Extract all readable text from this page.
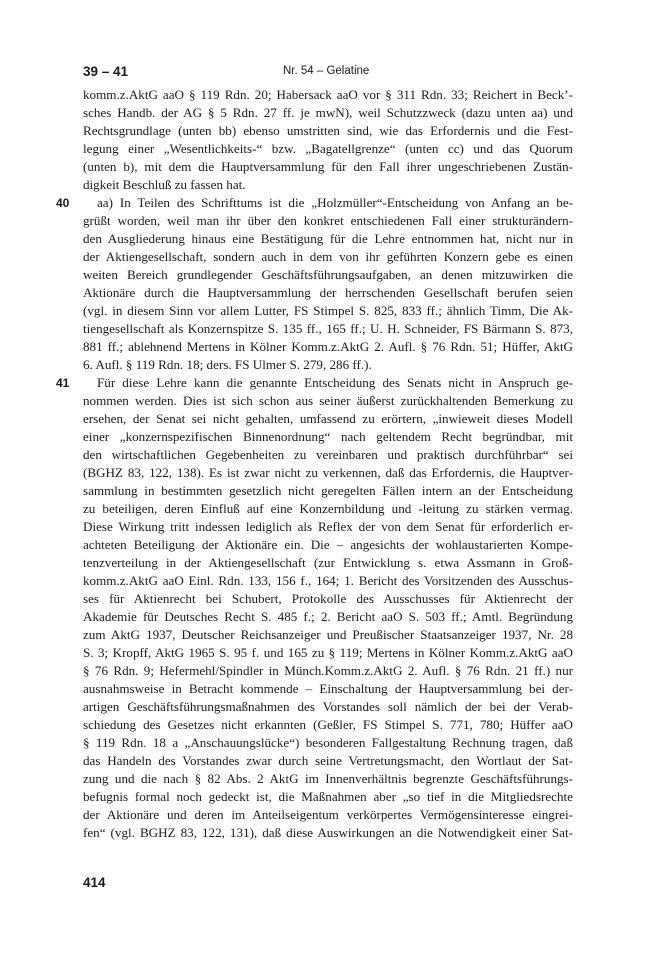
39 – 41	Nr. 54 – Gelatine
komm.z.AktG aaO § 119 Rdn. 20; Habersack aaO vor § 311 Rdn. 33; Reichert in Beck’-
sches Handb. der AG § 5 Rdn. 27 ff. je mwN), weil Schutzzweck (dazu unten aa) und
Rechtsgrundlage (unten bb) ebenso umstritten sind, wie das Erfordernis und die Fest-
legung einer „Wesentlichkeits-“ bzw. „Bagatellgrenze“ (unten cc) und das Quorum
(unten b), mit dem die Hauptversammlung für den Fall ihrer ungeschriebenen Zustän-
digkeit Beschluß zu fassen hat.
40	aa) In Teilen des Schrifttums ist die „Holzmüller“-Entscheidung von Anfang an be-
grüßt worden, weil man ihr über den konkret entschiedenen Fall einer strukturändern-
den Ausgliederung hinaus eine Bestätigung für die Lehre entnommen hat, nicht nur in
der Aktiengesellschaft, sondern auch in dem von ihr geführten Konzern gebe es einen
weiten Bereich grundlegender Geschäftsführungsaufgaben, an denen mitzuwirken die
Aktionäre durch die Hauptversammlung der herrschenden Gesellschaft berufen seien
(vgl. in diesem Sinn vor allem Lutter, FS Stimpel S. 825, 833 ff.; ähnlich Timm, Die Ak-
tiengesellschaft als Konzernspitze S. 135 ff., 165 ff.; U. H. Schneider, FS Bärmann S. 873,
881 ff.; ablehnend Mertens in Kölner Komm.z.AktG 2. Aufl. § 76 Rdn. 51; Hüffer, AktG
6. Aufl. § 119 Rdn. 18; ders. FS Ulmer S. 279, 286 ff.).
41	Für diese Lehre kann die genannte Entscheidung des Senats nicht in Anspruch ge-
nommen werden. Dies ist sich schon aus seiner äußerst zurückhaltenden Bemerkung zu
ersehen, der Senat sei nicht gehalten, umfassend zu erörtern, „inwieweit dieses Modell
einer „konzernspezifischen Binnenordnung“ nach geltendem Recht begründbar, mit
den wirtschaftlichen Gegebenheiten zu vereinbaren und praktisch durchführbar“ sei
(BGHZ 83, 122, 138). Es ist zwar nicht zu verkennen, daß das Erfordernis, die Hauptver-
sammlung in bestimmten gesetzlich nicht geregelten Fällen intern an der Entscheidung
zu beteiligen, deren Einfluß auf eine Konzernbildung und -leitung zu stärken vermag.
Diese Wirkung tritt indessen lediglich als Reflex der von dem Senat für erforderlich er-
achteten Beteiligung der Aktionäre ein. Die – angesichts der wohlaustarierten Kompe-
tenzverteilung in der Aktiengesellschaft (zur Entwicklung s. etwa Assmann in Groß-
komm.z.AktG aaO Einl. Rdn. 133, 156 f., 164; 1. Bericht des Vorsitzenden des Ausschus-
ses für Aktienrecht bei Schubert, Protokolle des Ausschusses für Aktienrecht der
Akademie für Deutsches Recht S. 485 f.; 2. Bericht aaO S. 503 ff.; Amtl. Begründung
zum AktG 1937, Deutscher Reichsanzeiger und Preußischer Staatsanzeiger 1937, Nr. 28
S. 3; Kropff, AktG 1965 S. 95 f. und 165 zu § 119; Mertens in Kölner Komm.z.AktG aaO
§ 76 Rdn. 9; Hefermehl/Spindler in Münch.Komm.z.AktG 2. Aufl. § 76 Rdn. 21 ff.) nur
ausnahmsweise in Betracht kommende – Einschaltung der Hauptversammlung bei der-
artigen Geschäftsführungsmaßnahmen des Vorstandes soll nämlich der bei der Verab-
schiedung des Gesetzes nicht erkannten (Geßler, FS Stimpel S. 771, 780; Hüffer aaO
§ 119 Rdn. 18 a „Anschauungslücke“) besonderen Fallgestaltung Rechnung tragen, daß
das Handeln des Vorstandes zwar durch seine Vertretungsmacht, den Wortlaut der Sat-
zung und die nach § 82 Abs. 2 AktG im Innenverhältnis begrenzte Geschäftsführungs-
befugnis formal noch gedeckt ist, die Maßnahmen aber „so tief in die Mitgliedsrechte
der Aktionäre und deren im Anteilseigentum verkörpertes Vermögensinteresse eingrei-
fen“ (vgl. BGHZ 83, 122, 131), daß diese Auswirkungen an die Notwendigkeit einer Sat-
414
